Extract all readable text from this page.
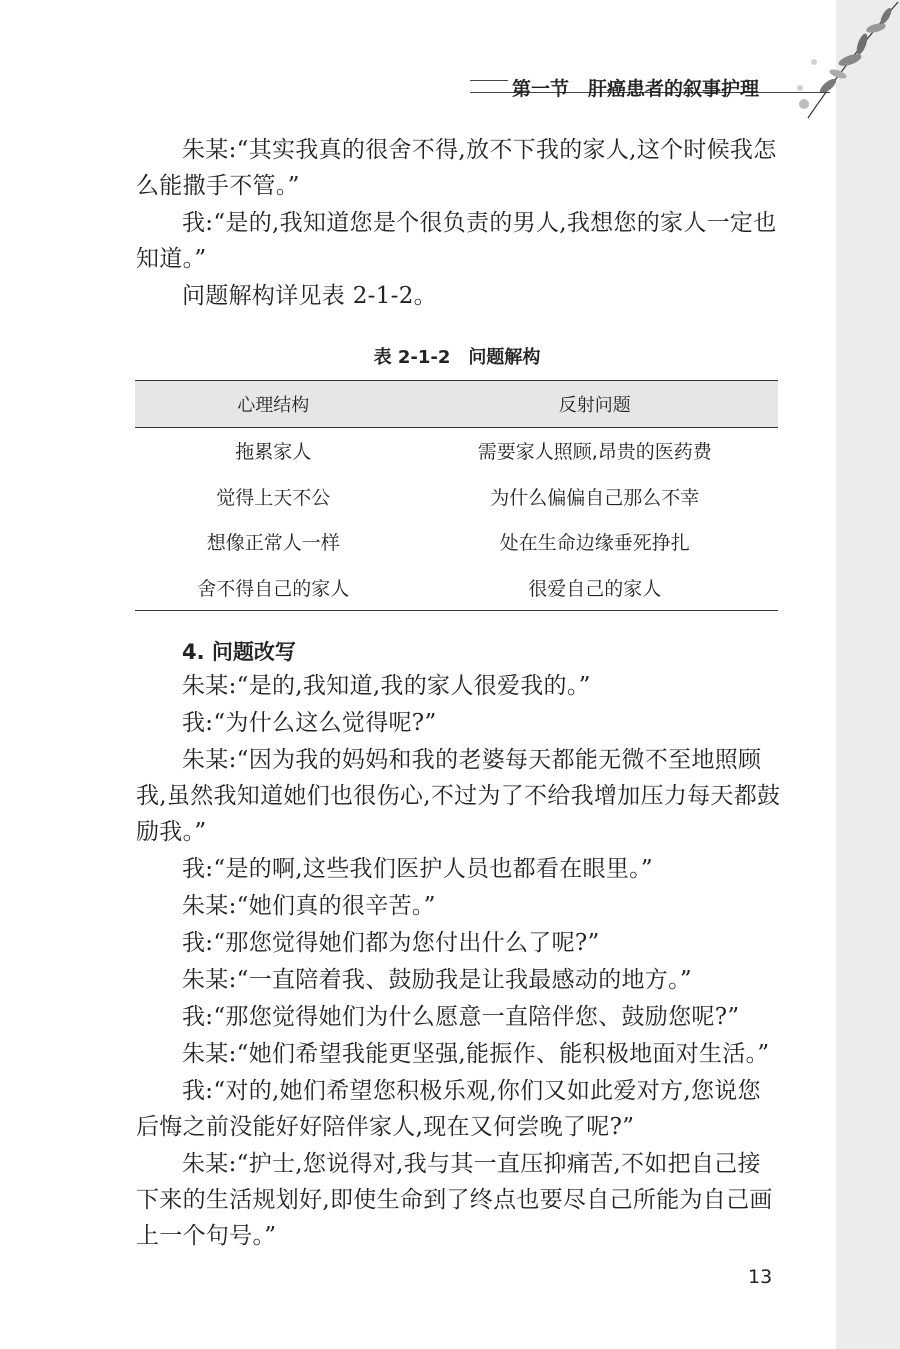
第一节　肝癌患者的叙事护理

朱某:“其实我真的很舍不得,放不下我的家人,这个时候我怎么能撒手不管。”

我:“是的,我知道您是个很负责的男人,我想您的家人一定也知道。”

问题解构详见表 2-1-2。

表 2-1-2　问题解构
心理结构	反射问题
拖累家人	需要家人照顾,昂贵的医药费
觉得上天不公	为什么偏偏自己那么不幸
想像正常人一样	处在生命边缘垂死挣扎
舍不得自己的家人	很爱自己的家人
4. 问题改写

朱某:“是的,我知道,我的家人很爱我的。”

我:“为什么这么觉得呢?”

朱某:“因为我的妈妈和我的老婆每天都能无微不至地照顾我,虽然我知道她们也很伤心,不过为了不给我增加压力每天都鼓励我。”

我:“是的啊,这些我们医护人员也都看在眼里。”

朱某:“她们真的很辛苦。”

我:“那您觉得她们都为您付出什么了呢?”

朱某:“一直陪着我、鼓励我是让我最感动的地方。”

我:“那您觉得她们为什么愿意一直陪伴您、鼓励您呢?”

朱某:“她们希望我能更坚强,能振作、能积极地面对生活。”

我:“对的,她们希望您积极乐观,你们又如此爱对方,您说您后悔之前没能好好陪伴家人,现在又何尝晚了呢?”

朱某:“护士,您说得对,我与其一直压抑痛苦,不如把自己接下来的生活规划好,即使生命到了终点也要尽自己所能为自己画上一个句号。”

13
